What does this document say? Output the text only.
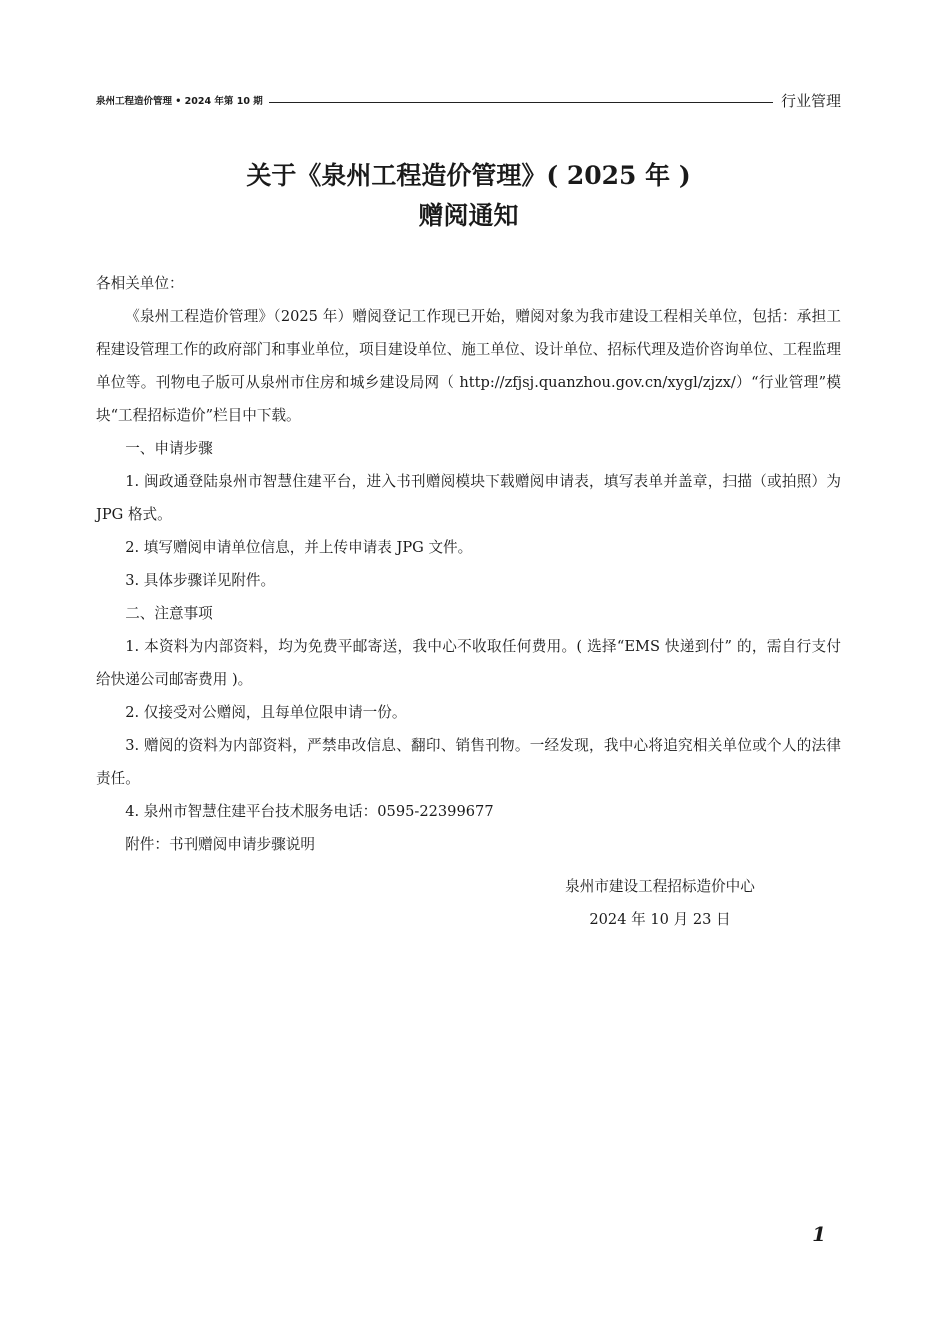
泉州工程造价管理 • 2024 年第 10 期	行业管理
关于《泉州工程造价管理》( 2025 年 )
赠阅通知

各相关单位：

《泉州工程造价管理》（2025 年）赠阅登记工作现已开始，赠阅对象为我市建设工程相关单位，包括：承担工程建设管理工作的政府部门和事业单位，项目建设单位、施工单位、设计单位、招标代理及造价咨询单位、工程监理单位等。刊物电子版可从泉州市住房和城乡建设局网（ http://zfjsj.quanzhou.gov.cn/xygl/zjzx/）“行业管理”模块“工程招标造价”栏目中下载。

一、申请步骤

1. 闽政通登陆泉州市智慧住建平台，进入书刊赠阅模块下载赠阅申请表，填写表单并盖章，扫描（或拍照）为 JPG 格式。

2. 填写赠阅申请单位信息，并上传申请表 JPG 文件。

3. 具体步骤详见附件。

二、注意事项

1. 本资料为内部资料，均为免费平邮寄送，我中心不收取任何费用。( 选择“EMS 快递到付” 的，需自行支付给快递公司邮寄费用 )。

2. 仅接受对公赠阅，且每单位限申请一份。

3. 赠阅的资料为内部资料，严禁串改信息、翻印、销售刊物。一经发现，我中心将追究相关单位或个人的法律责任。

4. 泉州市智慧住建平台技术服务电话：0595-22399677

附件：书刊赠阅申请步骤说明

泉州市建设工程招标造价中心
2024 年 10 月 23 日
1
